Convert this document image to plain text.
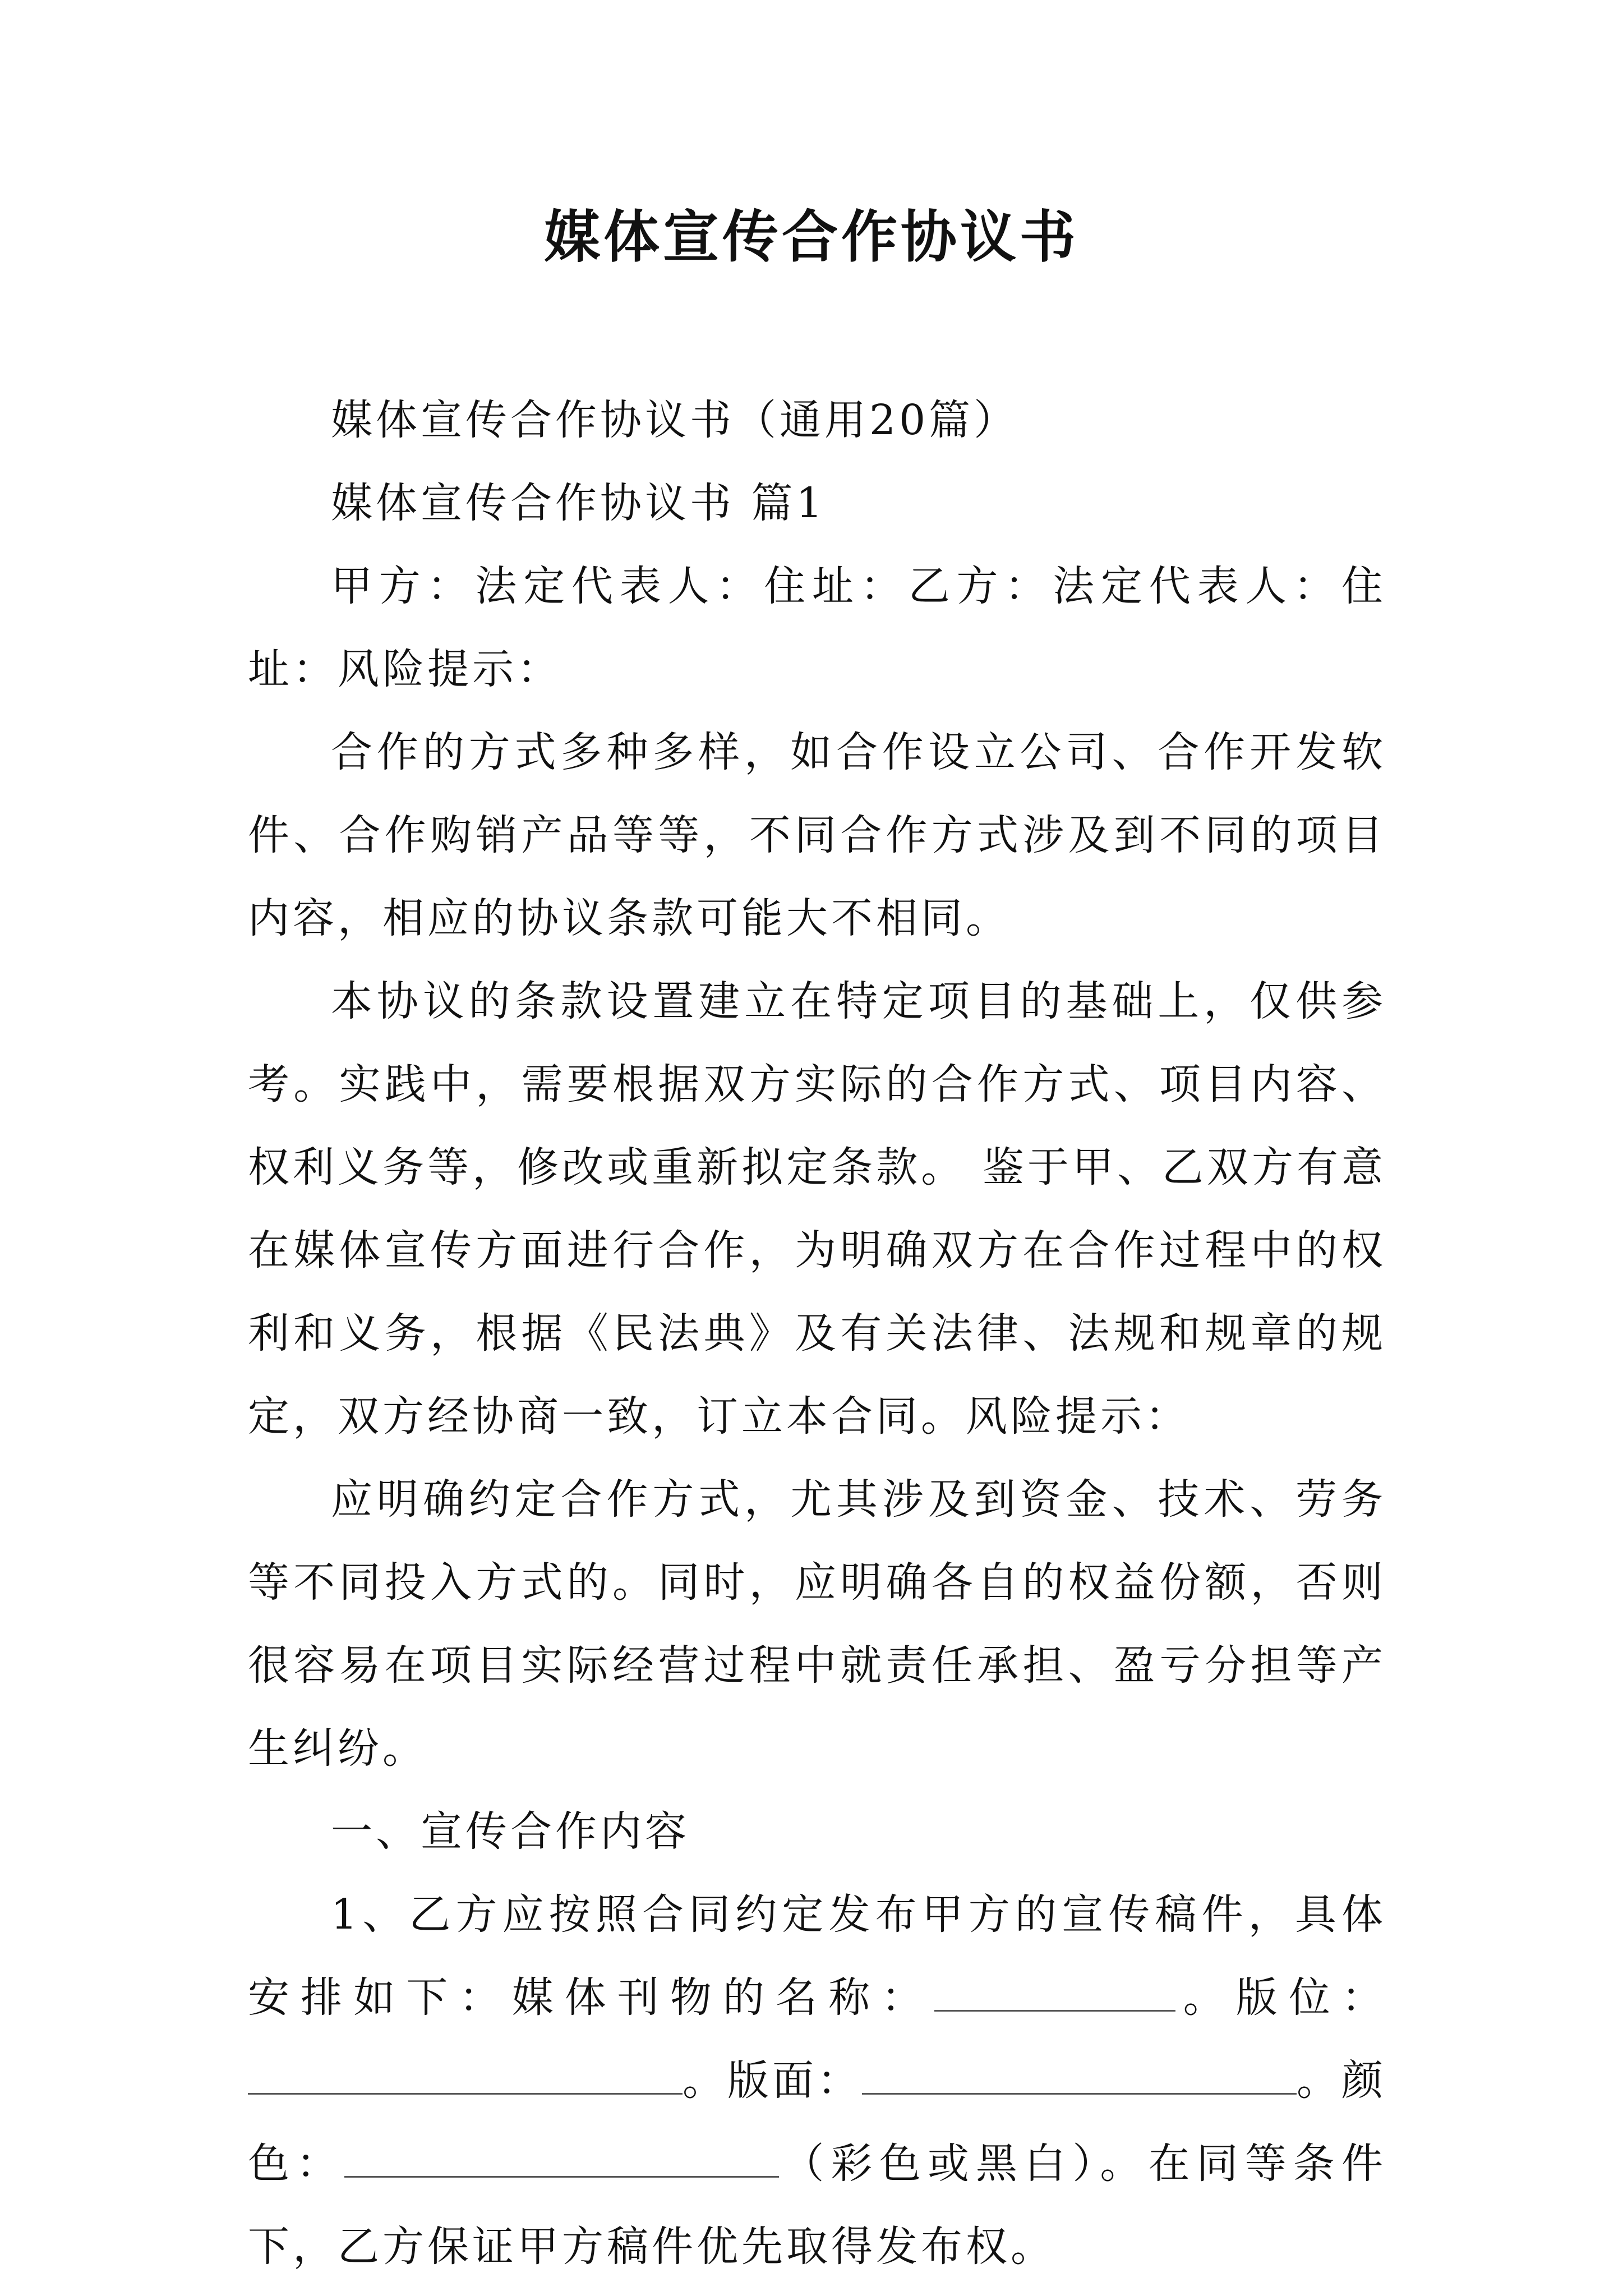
媒体宣传合作协议书

媒体宣传合作协议书（通用20篇）

媒体宣传合作协议书 篇1

甲方：法定代表人：住址：乙方：法定代表人：住址：风险提示：

合作的方式多种多样，如合作设立公司、合作开发软件、合作购销产品等等，不同合作方式涉及到不同的项目内容，相应的协议条款可能大不相同。

本协议的条款设置建立在特定项目的基础上，仅供参考。实践中，需要根据双方实际的合作方式、项目内容、权利义务等，修改或重新拟定条款。 鉴于甲、乙双方有意在媒体宣传方面进行合作，为明确双方在合作过程中的权利和义务，根据《民法典》及有关法律、法规和规章的规定，双方经协商一致，订立本合同。风险提示：

应明确约定合作方式，尤其涉及到资金、技术、劳务等不同投入方式的。同时，应明确各自的权益份额，否则很容易在项目实际经营过程中就责任承担、盈亏分担等产生纠纷。

一、宣传合作内容

1、乙方应按照合同约定发布甲方的宣传稿件，具体安排如下：媒体刊物的名称：	。版位：。版面：	。颜色：	（彩色或黑白）。在同等条件下，乙方保证甲方稿件优先取得发布权。
